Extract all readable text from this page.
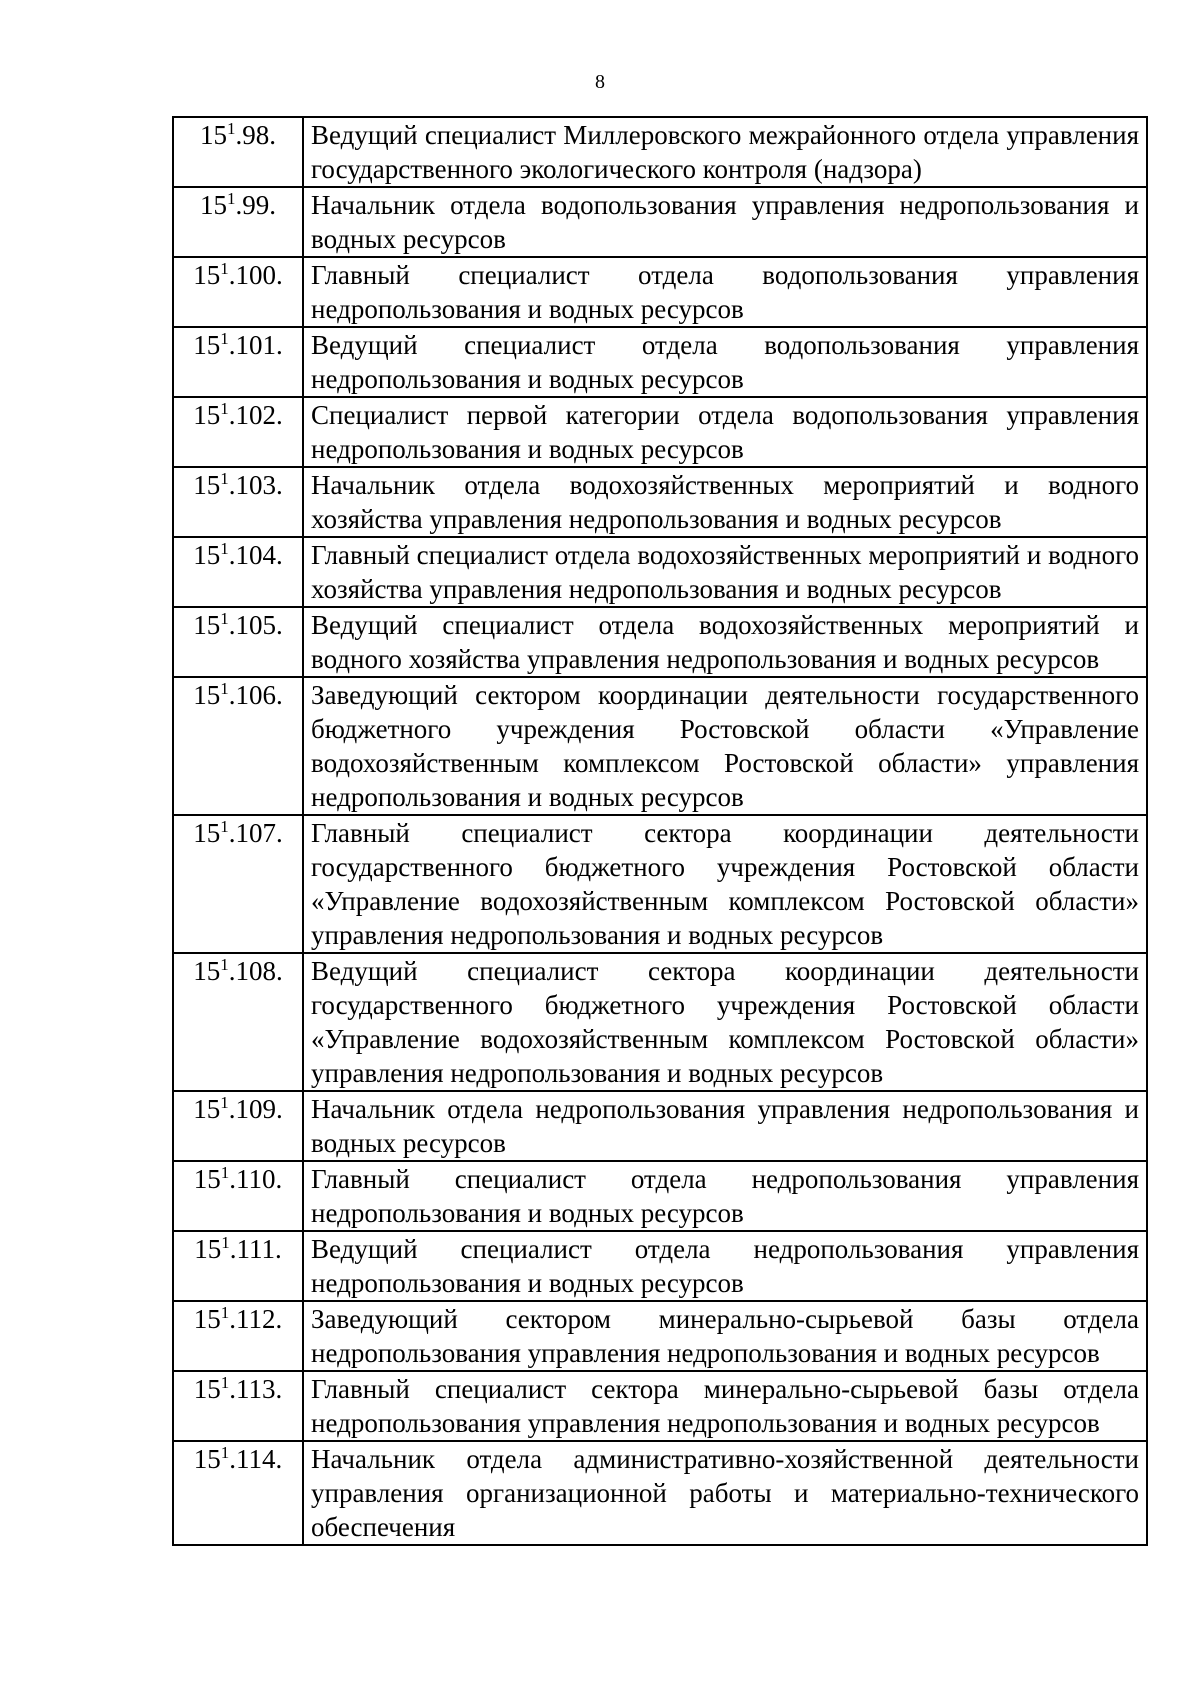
8
$15^1.98$.	Ведущий специалист Миллеровского межрайонного отдела управления государственного экологического контроля (надзора)
$15^1.99$.	Начальник отдела водопользования управления недропользования и водных ресурсов
$15^1.100$.	Главный специалист отдела водопользования управления недропользования и водных ресурсов
$15^1.101$.	Ведущий специалист отдела водопользования управления недропользования и водных ресурсов
$15^1.102$.	Специалист первой категории отдела водопользования управления недропользования и водных ресурсов
$15^1.103$.	Начальник отдела водохозяйственных мероприятий и водного хозяйства управления недропользования и водных ресурсов
$15^1.104$.	Главный специалист отдела водохозяйственных мероприятий и водного хозяйства управления недропользования и водных ресурсов
$15^1.105$.	Ведущий специалист отдела водохозяйственных мероприятий и водного хозяйства управления недропользования и водных ресурсов
$15^1.106$.	Заведующий сектором координации деятельности государственного бюджетного учреждения Ростовской области «Управление водохозяйственным комплексом Ростовской области» управления недропользования и водных ресурсов
$15^1.107$.	Главный специалист сектора координации деятельности государственного бюджетного учреждения Ростовской области «Управление водохозяйственным комплексом Ростовской области» управления недропользования и водных ресурсов
$15^1.108$.	Ведущий специалист сектора координации деятельности государственного бюджетного учреждения Ростовской области «Управление водохозяйственным комплексом Ростовской области» управления недропользования и водных ресурсов
$15^1.109$.	Начальник отдела недропользования управления недропользования и водных ресурсов
$15^1.110$.	Главный специалист отдела недропользования управления недропользования и водных ресурсов
$15^1.111$.	Ведущий специалист отдела недропользования управления недропользования и водных ресурсов
$15^1.112$.	Заведующий сектором минерально-сырьевой базы отдела недропользования управления недропользования и водных ресурсов
$15^1.113$.	Главный специалист сектора минерально-сырьевой базы отдела недропользования управления недропользования и водных ресурсов
$15^1.114$.	Начальник отдела административно-хозяйственной деятельности управления организационной работы и материально-технического обеспечения
